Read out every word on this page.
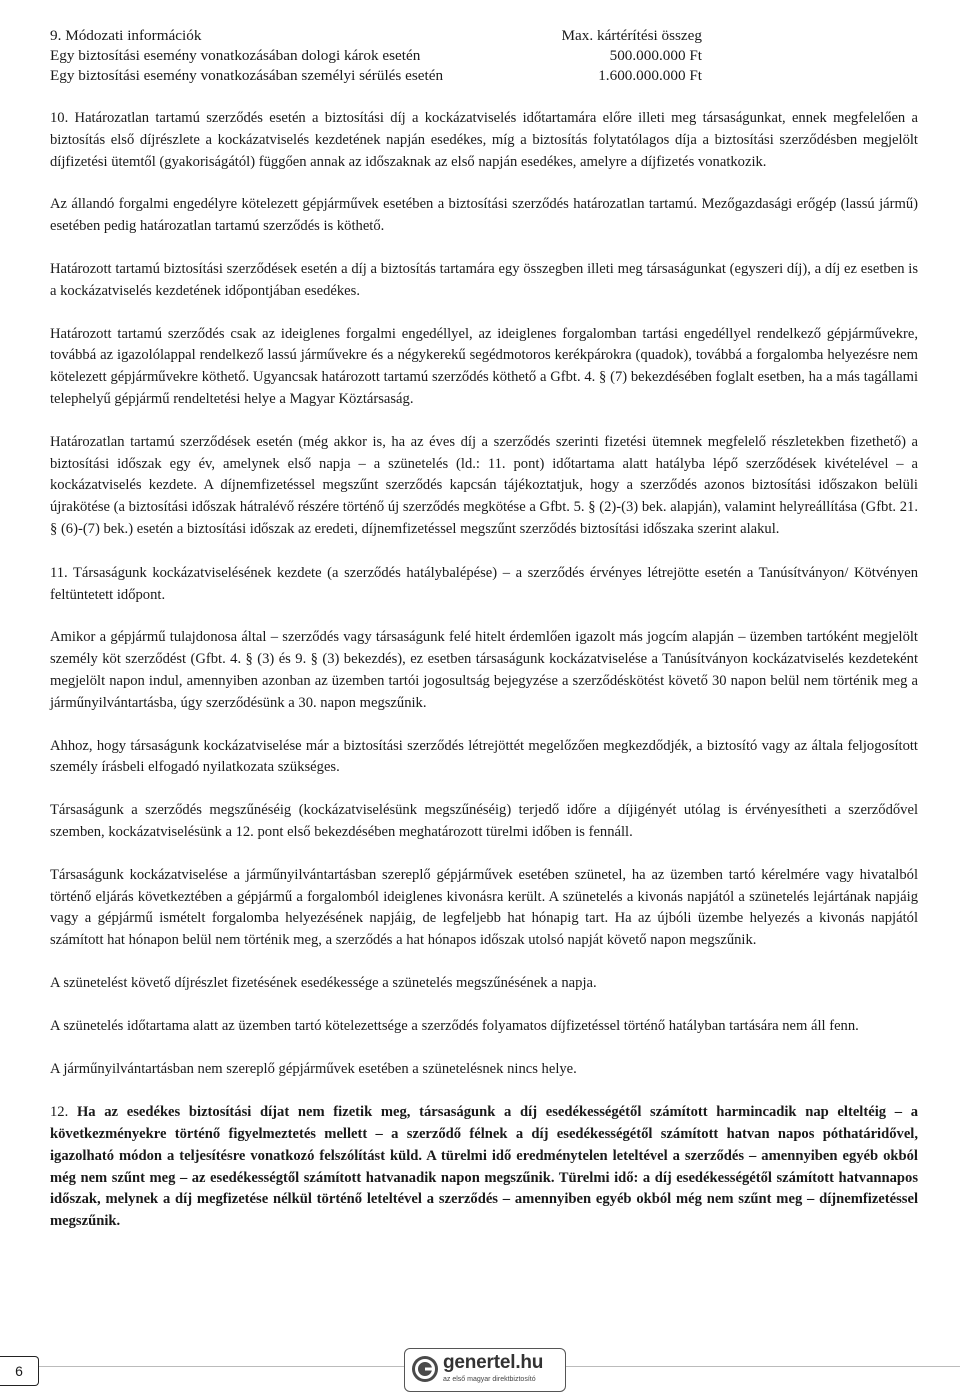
9. Módozati információk	Max. kártérítési összeg
Egy biztosítási esemény vonatkozásában dologi károk esetén	500.000.000 Ft
Egy biztosítási esemény vonatkozásában személyi sérülés esetén	1.600.000.000 Ft

10. Határozatlan tartamú szerződés esetén a biztosítási díj a kockázatviselés időtartamára előre illeti meg társaságunkat, ennek megfelelően a biztosítás első díjrészlete a kockázatviselés kezdetének napján esedékes, míg a biztosítás folytatólagos díja a biztosítási szerződésben megjelölt díjfizetési ütemtől (gyakoriságától) függően annak az időszaknak az első napján esedékes, amelyre a díjfizetés vonatkozik.

Az állandó forgalmi engedélyre kötelezett gépjárművek esetében a biztosítási szerződés határozatlan tartamú. Mezőgazdasági erőgép (lassú jármű) esetében pedig határozatlan tartamú szerződés is köthető.

Határozott tartamú biztosítási szerződések esetén a díj a biztosítás tartamára egy összegben illeti meg társaságunkat (egyszeri díj), a díj ez esetben is a kockázatviselés kezdetének időpontjában esedékes.

Határozott tartamú szerződés csak az ideiglenes forgalmi engedéllyel, az ideiglenes forgalomban tartási engedéllyel rendelkező gépjárművekre, továbbá az igazolólappal rendelkező lassú járművekre és a négykerekű segédmotoros kerékpárokra (quadok), továbbá a forgalomba helyezésre nem kötelezett gépjárművekre köthető. Ugyancsak határozott tartamú szerződés köthető a Gfbt. 4. § (7) bekezdésében foglalt esetben, ha a más tagállami telephelyű gépjármű rendeltetési helye a Magyar Köztársaság.

Határozatlan tartamú szerződések esetén (még akkor is, ha az éves díj a szerződés szerinti fizetési ütemnek megfelelő részletekben fizethető) a biztosítási időszak egy év, amelynek első napja – a szünetelés (ld.: 11. pont) időtartama alatt hatályba lépő szerződések kivételével – a kockázatviselés kezdete. A díjnemfizetéssel megszűnt szerződés kapcsán tájékoztatjuk, hogy a szerződés azonos biztosítási időszakon belüli újrakötése (a biztosítási időszak hátralévő részére történő új szerződés megkötése a Gfbt. 5. § (2)-(3) bek. alapján), valamint helyreállítása (Gfbt. 21. § (6)-(7) bek.) esetén a biztosítási időszak az eredeti, díjnemfizetéssel megszűnt szerződés biztosítási időszaka szerint alakul.

11. Társaságunk kockázatviselésének kezdete (a szerződés hatálybalépése) – a szerződés érvényes létrejötte esetén a Tanúsítványon/ Kötvényen feltüntetett időpont.

Amikor a gépjármű tulajdonosa által – szerződés vagy társaságunk felé hitelt érdemlően igazolt más jogcím alapján – üzemben tartóként megjelölt személy köt szerződést (Gfbt. 4. § (3) és 9. § (3) bekezdés), ez esetben társaságunk kockázatviselése a Tanúsítványon kockázatviselés kezdeteként megjelölt napon indul, amennyiben azonban az üzemben tartói jogosultság bejegyzése a szerződéskötést követő 30 napon belül nem történik meg a járműnyilvántartásba, úgy szerződésünk a 30. napon megszűnik.

Ahhoz, hogy társaságunk kockázatviselése már a biztosítási szerződés létrejöttét megelőzően megkezdődjék, a biztosító vagy az általa feljogosított személy írásbeli elfogadó nyilatkozata szükséges.

Társaságunk a szerződés megszűnéséig (kockázatviselésünk megszűnéséig) terjedő időre a díjigényét utólag is érvényesítheti a szerződővel szemben, kockázatviselésünk a 12. pont első bekezdésében meghatározott türelmi időben is fennáll.

Társaságunk kockázatviselése a járműnyilvántartásban szereplő gépjárművek esetében szünetel, ha az üzemben tartó kérelmére vagy hivatalból történő eljárás következtében a gépjármű a forgalomból ideiglenes kivonásra került. A szünetelés a kivonás napjától a szünetelés lejártának napjáig vagy a gépjármű ismételt forgalomba helyezésének napjáig, de legfeljebb hat hónapig tart. Ha az újbóli üzembe helyezés a kivonás napjától számított hat hónapon belül nem történik meg, a szerződés a hat hónapos időszak utolsó napját követő napon megszűnik.

A szünetelést követő díjrészlet fizetésének esedékessége a szünetelés megszűnésének a napja.

A szünetelés időtartama alatt az üzemben tartó kötelezettsége a szerződés folyamatos díjfizetéssel történő hatályban tartására nem áll fenn.

A járműnyilvántartásban nem szereplő gépjárművek esetében a szünetelésnek nincs helye.

12. Ha az esedékes biztosítási díjat nem fizetik meg, társaságunk a díj esedékességétől számított harmincadik nap elteltéig – a következményekre történő figyelmeztetés mellett – a szerződő félnek a díj esedékességétől számított hatvan napos póthatáridővel, igazolható módon a teljesítésre vonatkozó felszólítást küld. A türelmi idő eredménytelen leteltével a szerződés – amennyiben egyéb okból még nem szűnt meg – az esedékességtől számított hatvanadik napon megszűnik. Türelmi idő: a díj esedékességétől számított hatvannapos időszak, melynek a díj megfizetése nélkül történő leteltével a szerződés – amennyiben egyéb okból még nem szűnt meg – díjnemfizetéssel megszűnik.

6	genertel.hu
az első magyar direktbiztosító
